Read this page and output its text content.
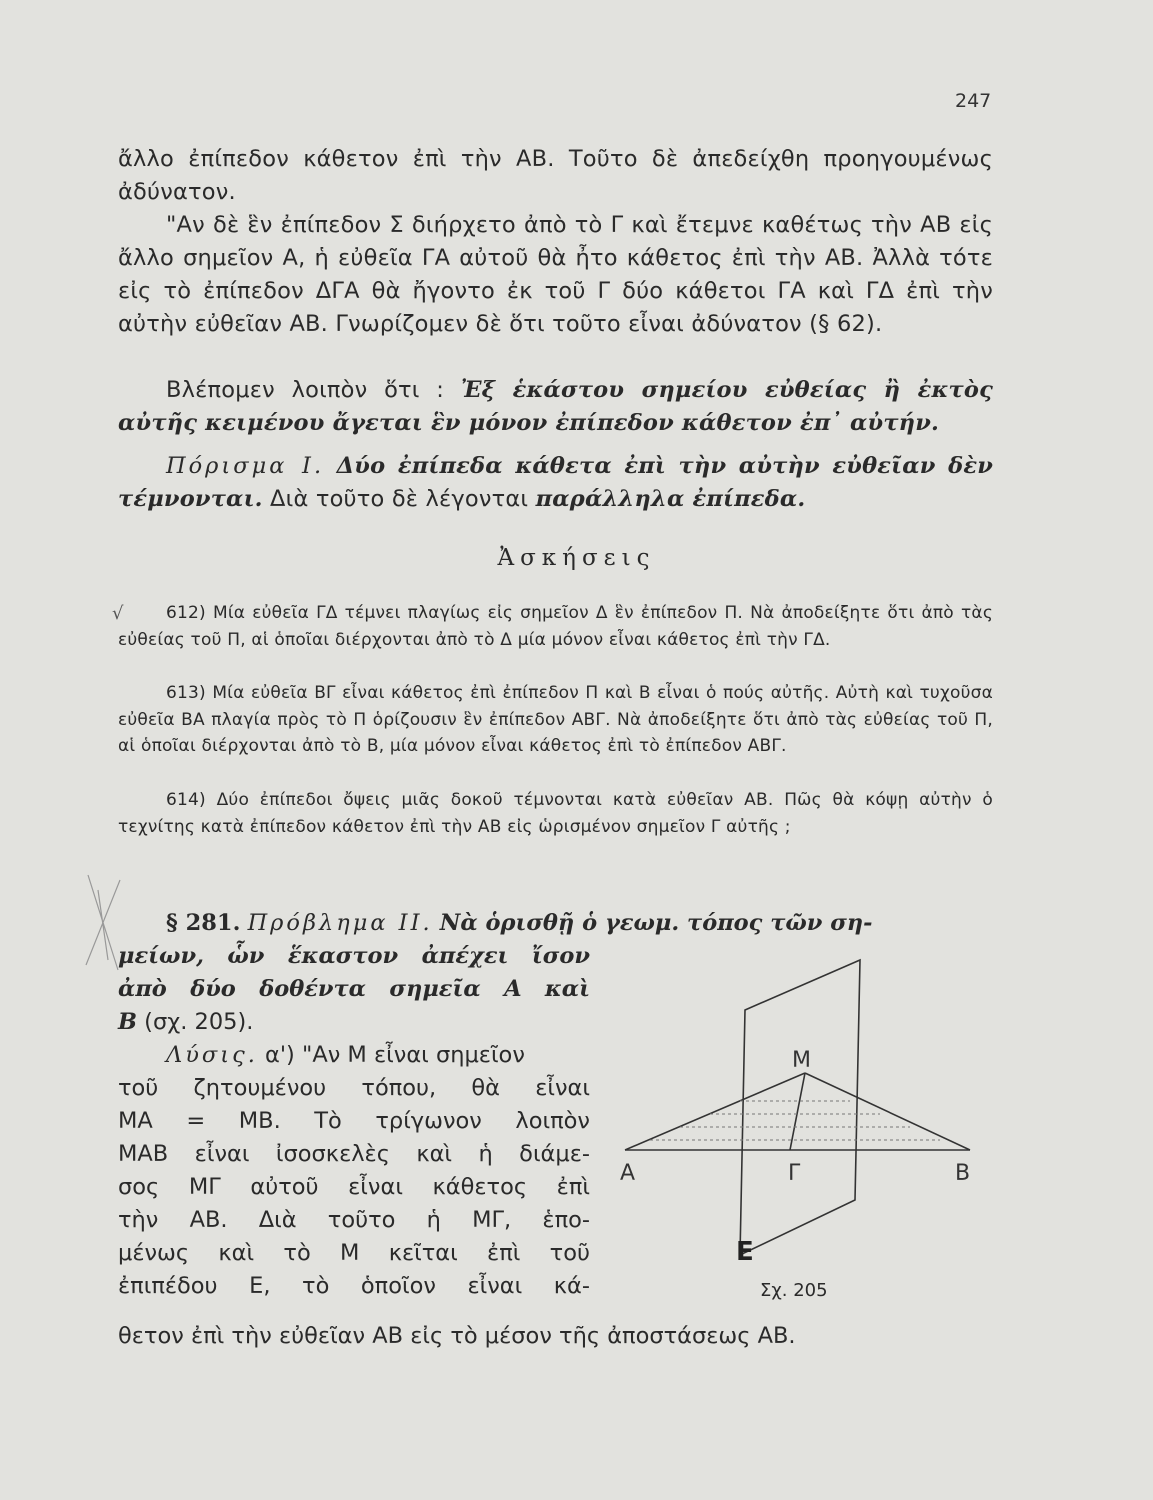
247
ἄλλο ἐπίπεδον κάθετον ἐπὶ τὴν ΑΒ. Τοῦτο δὲ ἀπεδείχθη προηγουμένως ἀδύνατον.
"Αν δὲ ἓν ἐπίπεδον Σ διήρχετο ἀπὸ τὸ Γ καὶ ἔτεμνε καθέτως τὴν ΑΒ εἰς ἄλλο σημεῖον Α, ἡ εὐθεῖα ΓΑ αὐτοῦ θὰ ἦτο κάθετος ἐπὶ τὴν ΑΒ. Ἀλλὰ τότε εἰς τὸ ἐπίπεδον ΔΓΑ θὰ ἤγοντο ἐκ τοῦ Γ δύο κάθετοι ΓΑ καὶ ΓΔ ἐπὶ τὴν αὐτὴν εὐθεῖαν ΑΒ. Γνωρίζομεν δὲ ὅτι τοῦτο εἶναι ἀδύνατον (§ 62).
Βλέπομεν λοιπὸν ὅτι : Ἐξ ἑκάστου σημείου εὐθείας ἢ ἐκτὸς αὐτῆς κειμένου ἄγεται ἓν μόνον ἐπίπεδον κάθετον ἐπ᾽ αὐτήν.
Πόρισμα Ι. Δύο ἐπίπεδα κάθετα ἐπὶ τὴν αὐτὴν εὐθεῖαν δὲν τέμνονται. Διὰ τοῦτο δὲ λέγονται παράλληλα ἐπίπεδα.
Ἀσκήσεις
√	612) Μία εὐθεῖα ΓΔ τέμνει πλαγίως εἰς σημεῖον Δ ἓν ἐπίπεδον Π. Νὰ ἀποδείξητε ὅτι ἀπὸ τὰς εὐθείας τοῦ Π, αἱ ὁποῖαι διέρχονται ἀπὸ τὸ Δ μία μόνον εἶναι κάθετος ἐπὶ τὴν ΓΔ.
613) Μία εὐθεῖα ΒΓ εἶναι κάθετος ἐπὶ ἐπίπεδον Π καὶ Β εἶναι ὁ πούς αὐτῆς. Αὐτὴ καὶ τυχοῦσα εὐθεῖα ΒΑ πλαγία πρὸς τὸ Π ὁρίζουσιν ἓν ἐπίπεδον ΑΒΓ. Νὰ ἀποδείξητε ὅτι ἀπὸ τὰς εὐθείας τοῦ Π, αἱ ὁποῖαι διέρχονται ἀπὸ τὸ Β, μία μόνον εἶναι κάθετος ἐπὶ τὸ ἐπίπεδον ΑΒΓ.
614) Δύο ἐπίπεδοι ὄψεις μιᾶς δοκοῦ τέμνονται κατὰ εὐθεῖαν ΑΒ. Πῶς θὰ κόψῃ αὐτὴν ὁ τεχνίτης κατὰ ἐπίπεδον κάθετον ἐπὶ τὴν ΑΒ εἰς ὡρισμένον σημεῖον Γ αὐτῆς ;
§ 281. Πρόβλημα ΙΙ. Νὰ ὁρισθῇ ὁ γεωμ. τόπος τῶν ση-
μείων, ὧν ἕκαστον ἀπέχει ἴσον
ἀπὸ δύο δοθέντα σημεῖα Α καὶ
Β (σχ. 205).
Λύσις. α') "Αν Μ εἶναι σημεῖον
τοῦ ζητουμένου τόπου, θὰ εἶναι
ΜΑ = ΜΒ. Τὸ τρίγωνον λοιπὸν
ΜΑΒ εἶναι ἰσοσκελὲς καὶ ἡ διάμε-
σος ΜΓ αὐτοῦ εἶναι κάθετος ἐπὶ
τὴν ΑΒ. Διὰ τοῦτο ἡ ΜΓ, ἑπο-
μένως καὶ τὸ Μ κεῖται ἐπὶ τοῦ
ἐπιπέδου Ε, τὸ ὁποῖον εἶναι κά-
θετον ἐπὶ τὴν εὐθεῖαν ΑΒ εἰς τὸ μέσον τῆς ἀποστάσεως ΑΒ.
Μ
Α	Β
Γ
Ε
Σχ. 205
